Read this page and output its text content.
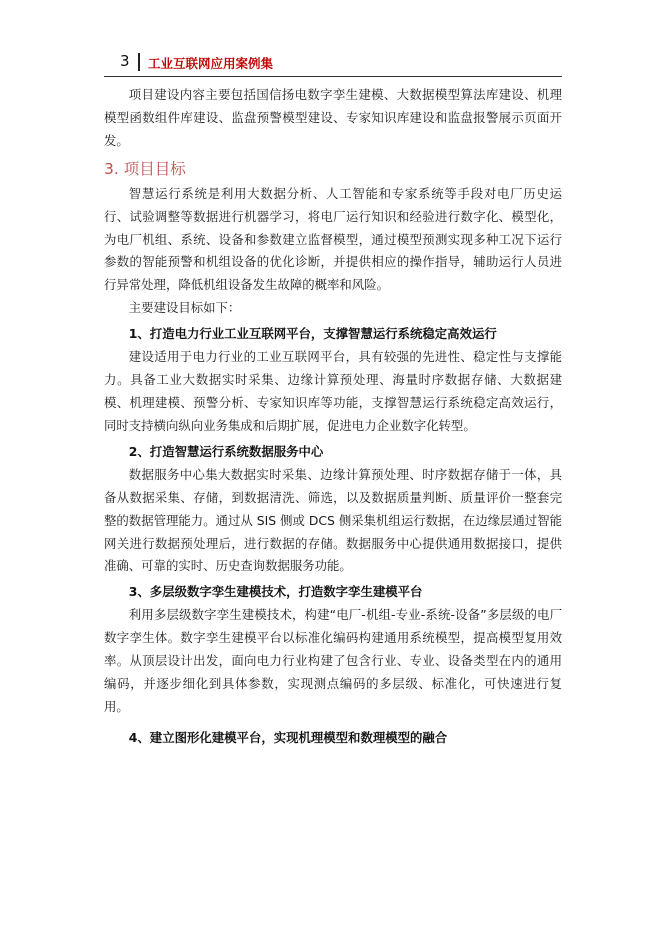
3 工业互联网应用案例集

项目建设内容主要包括国信扬电数字孪生建模、大数据模型算法库建设、机理模型函数组件库建设、监盘预警模型建设、专家知识库建设和监盘报警展示页面开发。

3. 项目目标

智慧运行系统是利用大数据分析、人工智能和专家系统等手段对电厂历史运行、试验调整等数据进行机器学习，将电厂运行知识和经验进行数字化、模型化，为电厂机组、系统、设备和参数建立监督模型，通过模型预测实现多种工况下运行参数的智能预警和机组设备的优化诊断，并提供相应的操作指导，辅助运行人员进行异常处理，降低机组设备发生故障的概率和风险。

主要建设目标如下：

1、打造电力行业工业互联网平台，支撑智慧运行系统稳定高效运行

建设适用于电力行业的工业互联网平台，具有较强的先进性、稳定性与支撑能力。具备工业大数据实时采集、边缘计算预处理、海量时序数据存储、大数据建模、机理建模、预警分析、专家知识库等功能，支撑智慧运行系统稳定高效运行，同时支持横向纵向业务集成和后期扩展，促进电力企业数字化转型。

2、打造智慧运行系统数据服务中心

数据服务中心集大数据实时采集、边缘计算预处理、时序数据存储于一体，具备从数据采集、存储，到数据清洗、筛选，以及数据质量判断、质量评价一整套完整的数据管理能力。通过从 SIS 侧或 DCS 侧采集机组运行数据，在边缘层通过智能网关进行数据预处理后，进行数据的存储。数据服务中心提供通用数据接口，提供准确、可靠的实时、历史查询数据服务功能。

3、多层级数字孪生建模技术，打造数字孪生建模平台

利用多层级数字孪生建模技术，构建“电厂-机组-专业-系统-设备”多层级的电厂数字孪生体。数字孪生建模平台以标准化编码构建通用系统模型，提高模型复用效率。从顶层设计出发，面向电力行业构建了包含行业、专业、设备类型在内的通用编码，并逐步细化到具体参数，实现测点编码的多层级、标准化，可快速进行复用。

4、建立图形化建模平台，实现机理模型和数理模型的融合
